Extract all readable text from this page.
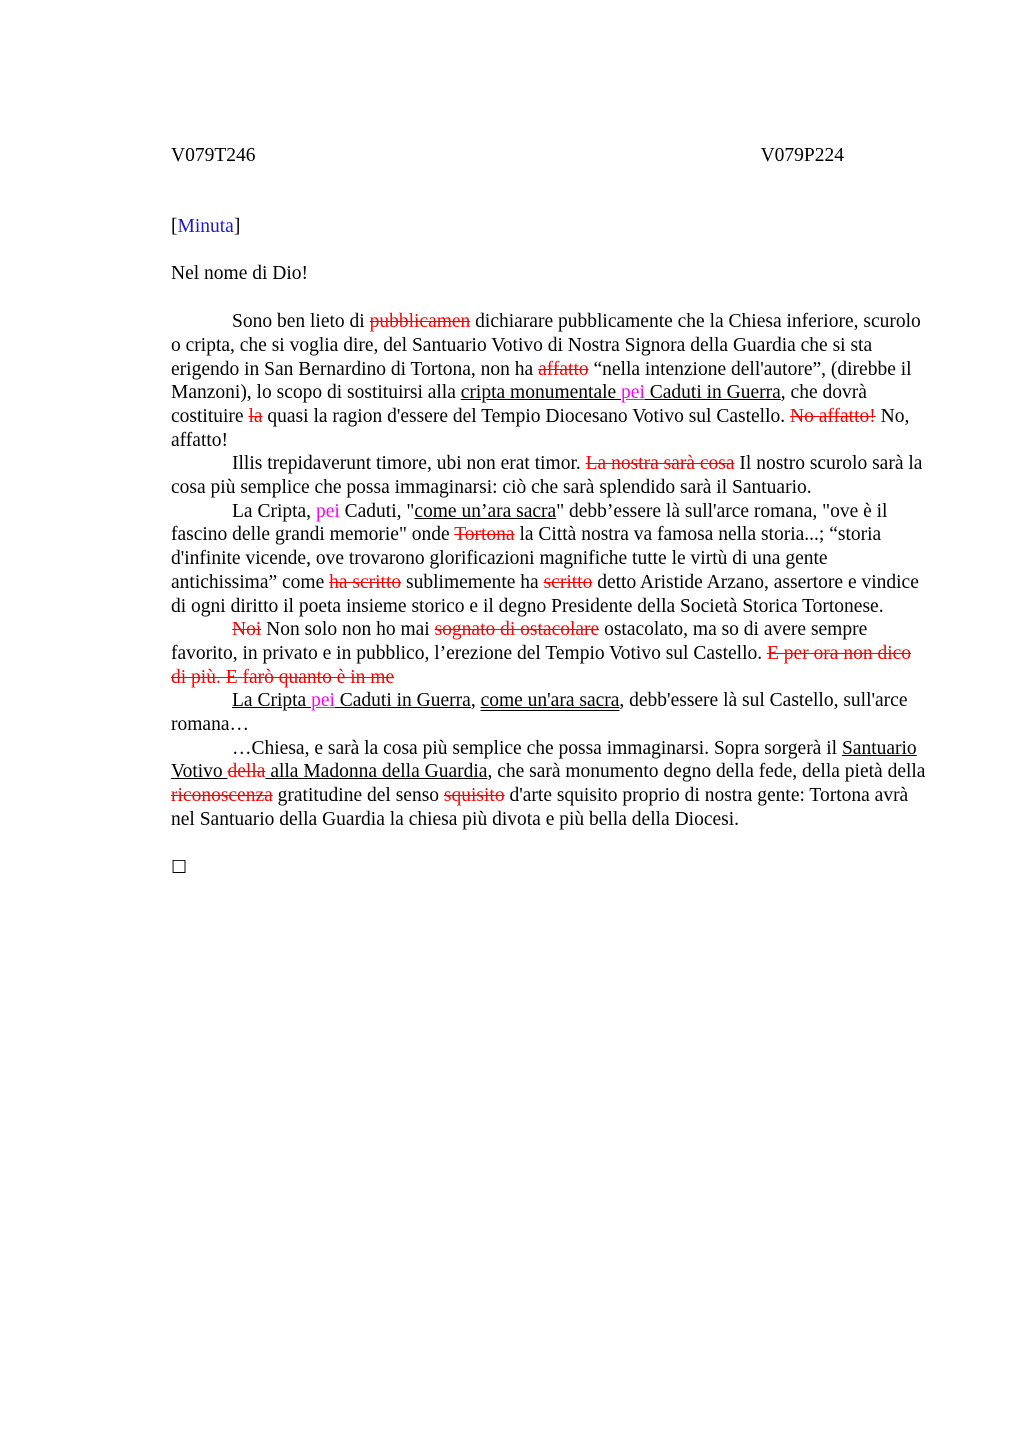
V079T246	V079P224

[Minuta]

Nel nome di Dio!

Sono ben lieto di pubblicamen dichiarare pubblicamente che la Chiesa inferiore, scurolo o cripta, che si voglia dire, del Santuario Votivo di Nostra Signora della Guardia che si sta erigendo in San Bernardino di Tortona, non ha affatto “nella intenzione dell'autore”, (direbbe il Manzoni), lo scopo di sostituirsi alla cripta monumentale pei Caduti in Guerra, che dovrà costituire la quasi la ragion d'essere del Tempio Diocesano Votivo sul Castello. No affatto! No, affatto!

Illis trepidaverunt timore, ubi non erat timor. La nostra sarà cosa Il nostro scurolo sarà la cosa più semplice che possa immaginarsi: ciò che sarà splendido sarà il Santuario.

La Cripta, pei Caduti, "come un’ara sacra" debb’essere là sull'arce romana, "ove è il fascino delle grandi memorie" onde Tortona la Città nostra va famosa nella storia...; “storia d'infinite vicende, ove trovarono glorificazioni magnifiche tutte le virtù di una gente antichissima” come ha scritto sublimemente ha scritto detto Aristide Arzano, assertore e vindice di ogni diritto il poeta insieme storico e il degno Presidente della Società Storica Tortonese.

Noi Non solo non ho mai sognato di ostacolare ostacolato, ma so di avere sempre favorito, in privato e in pubblico, l’erezione del Tempio Votivo sul Castello. E per ora non dico di più. E farò quanto è in me

La Cripta pei Caduti in Guerra, come un'ara sacra, debb'essere là sul Castello, sull'arce romana…

…Chiesa, e sarà la cosa più semplice che possa immaginarsi. Sopra sorgerà il Santuario Votivo della alla Madonna della Guardia, che sarà monumento degno della fede, della pietà della riconoscenza gratitudine del senso squisito d'arte squisito proprio di nostra gente: Tortona avrà nel Santuario della Guardia la chiesa più divota e più bella della Diocesi.

☐
